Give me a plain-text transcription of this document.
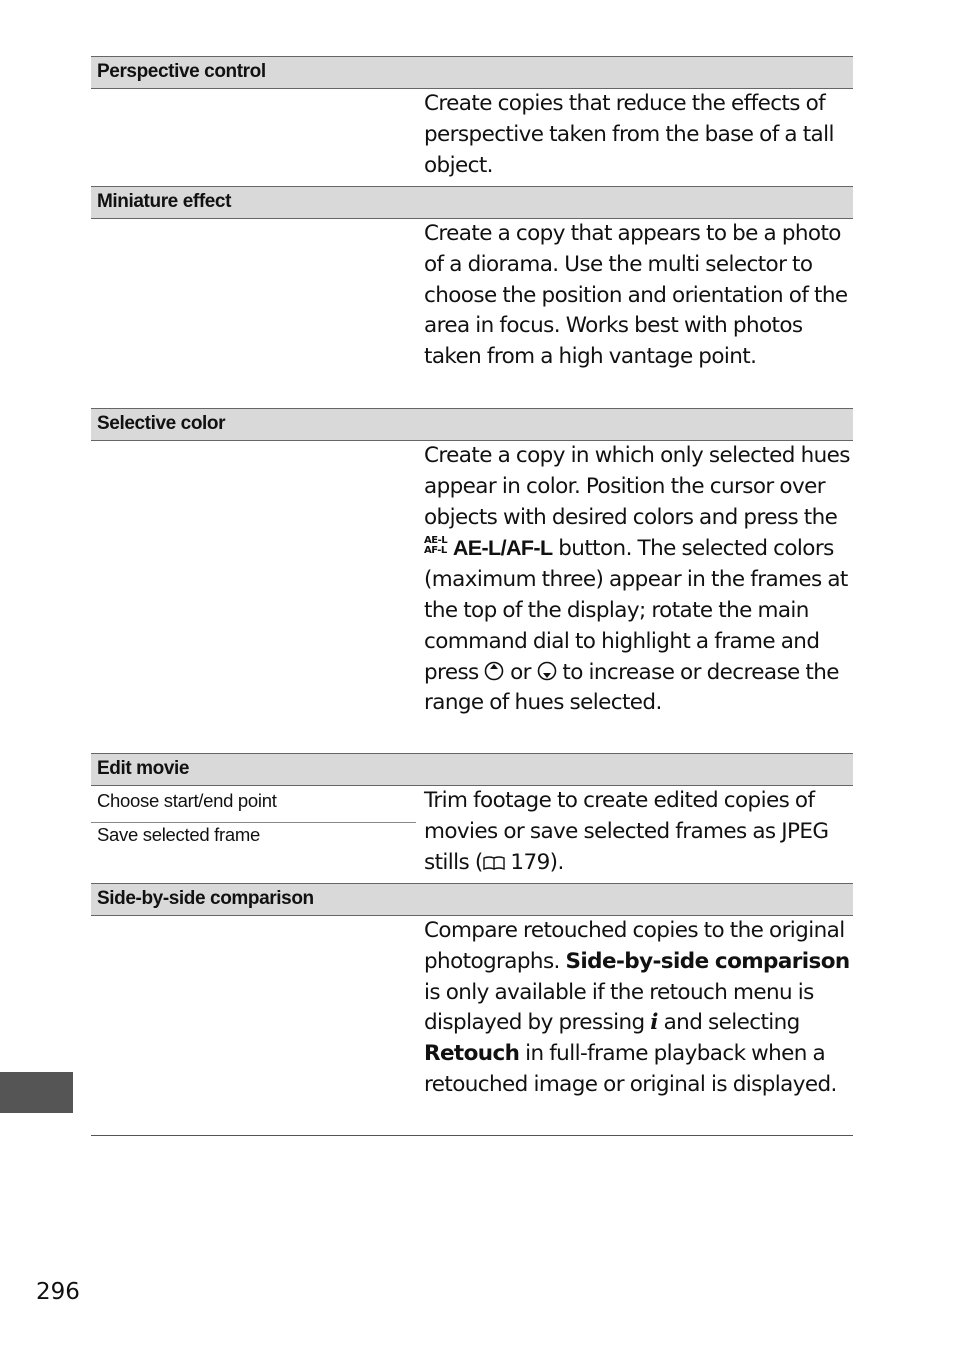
Perspective control
Create copies that reduce the effects of perspective taken from the base of a tall object.
Miniature effect
Create a copy that appears to be a photo of a diorama. Use the multi selector to choose the position and orientation of the area in focus. Works best with photos taken from a high vantage point.
Selective color
Create a copy in which only selected hues appear in color. Position the cursor over objects with desired colors and press the
AE-L
AF-L AE-L/AF-L button. The selected colors (maximum three) appear in the frames at the top of the display; rotate the main command dial to highlight a frame and press or to increase or decrease the range of hues selected.
Edit movie
Choose start/end point
Save selected frame
Trim footage to create edited copies of movies or save selected frames as JPEG stills ( 179).
Side-by-side comparison
Compare retouched copies to the original photographs. Side-by-side comparison is only available if the retouch menu is displayed by pressing i and selecting Retouch in full-frame playback when a retouched image or original is displayed.
296
